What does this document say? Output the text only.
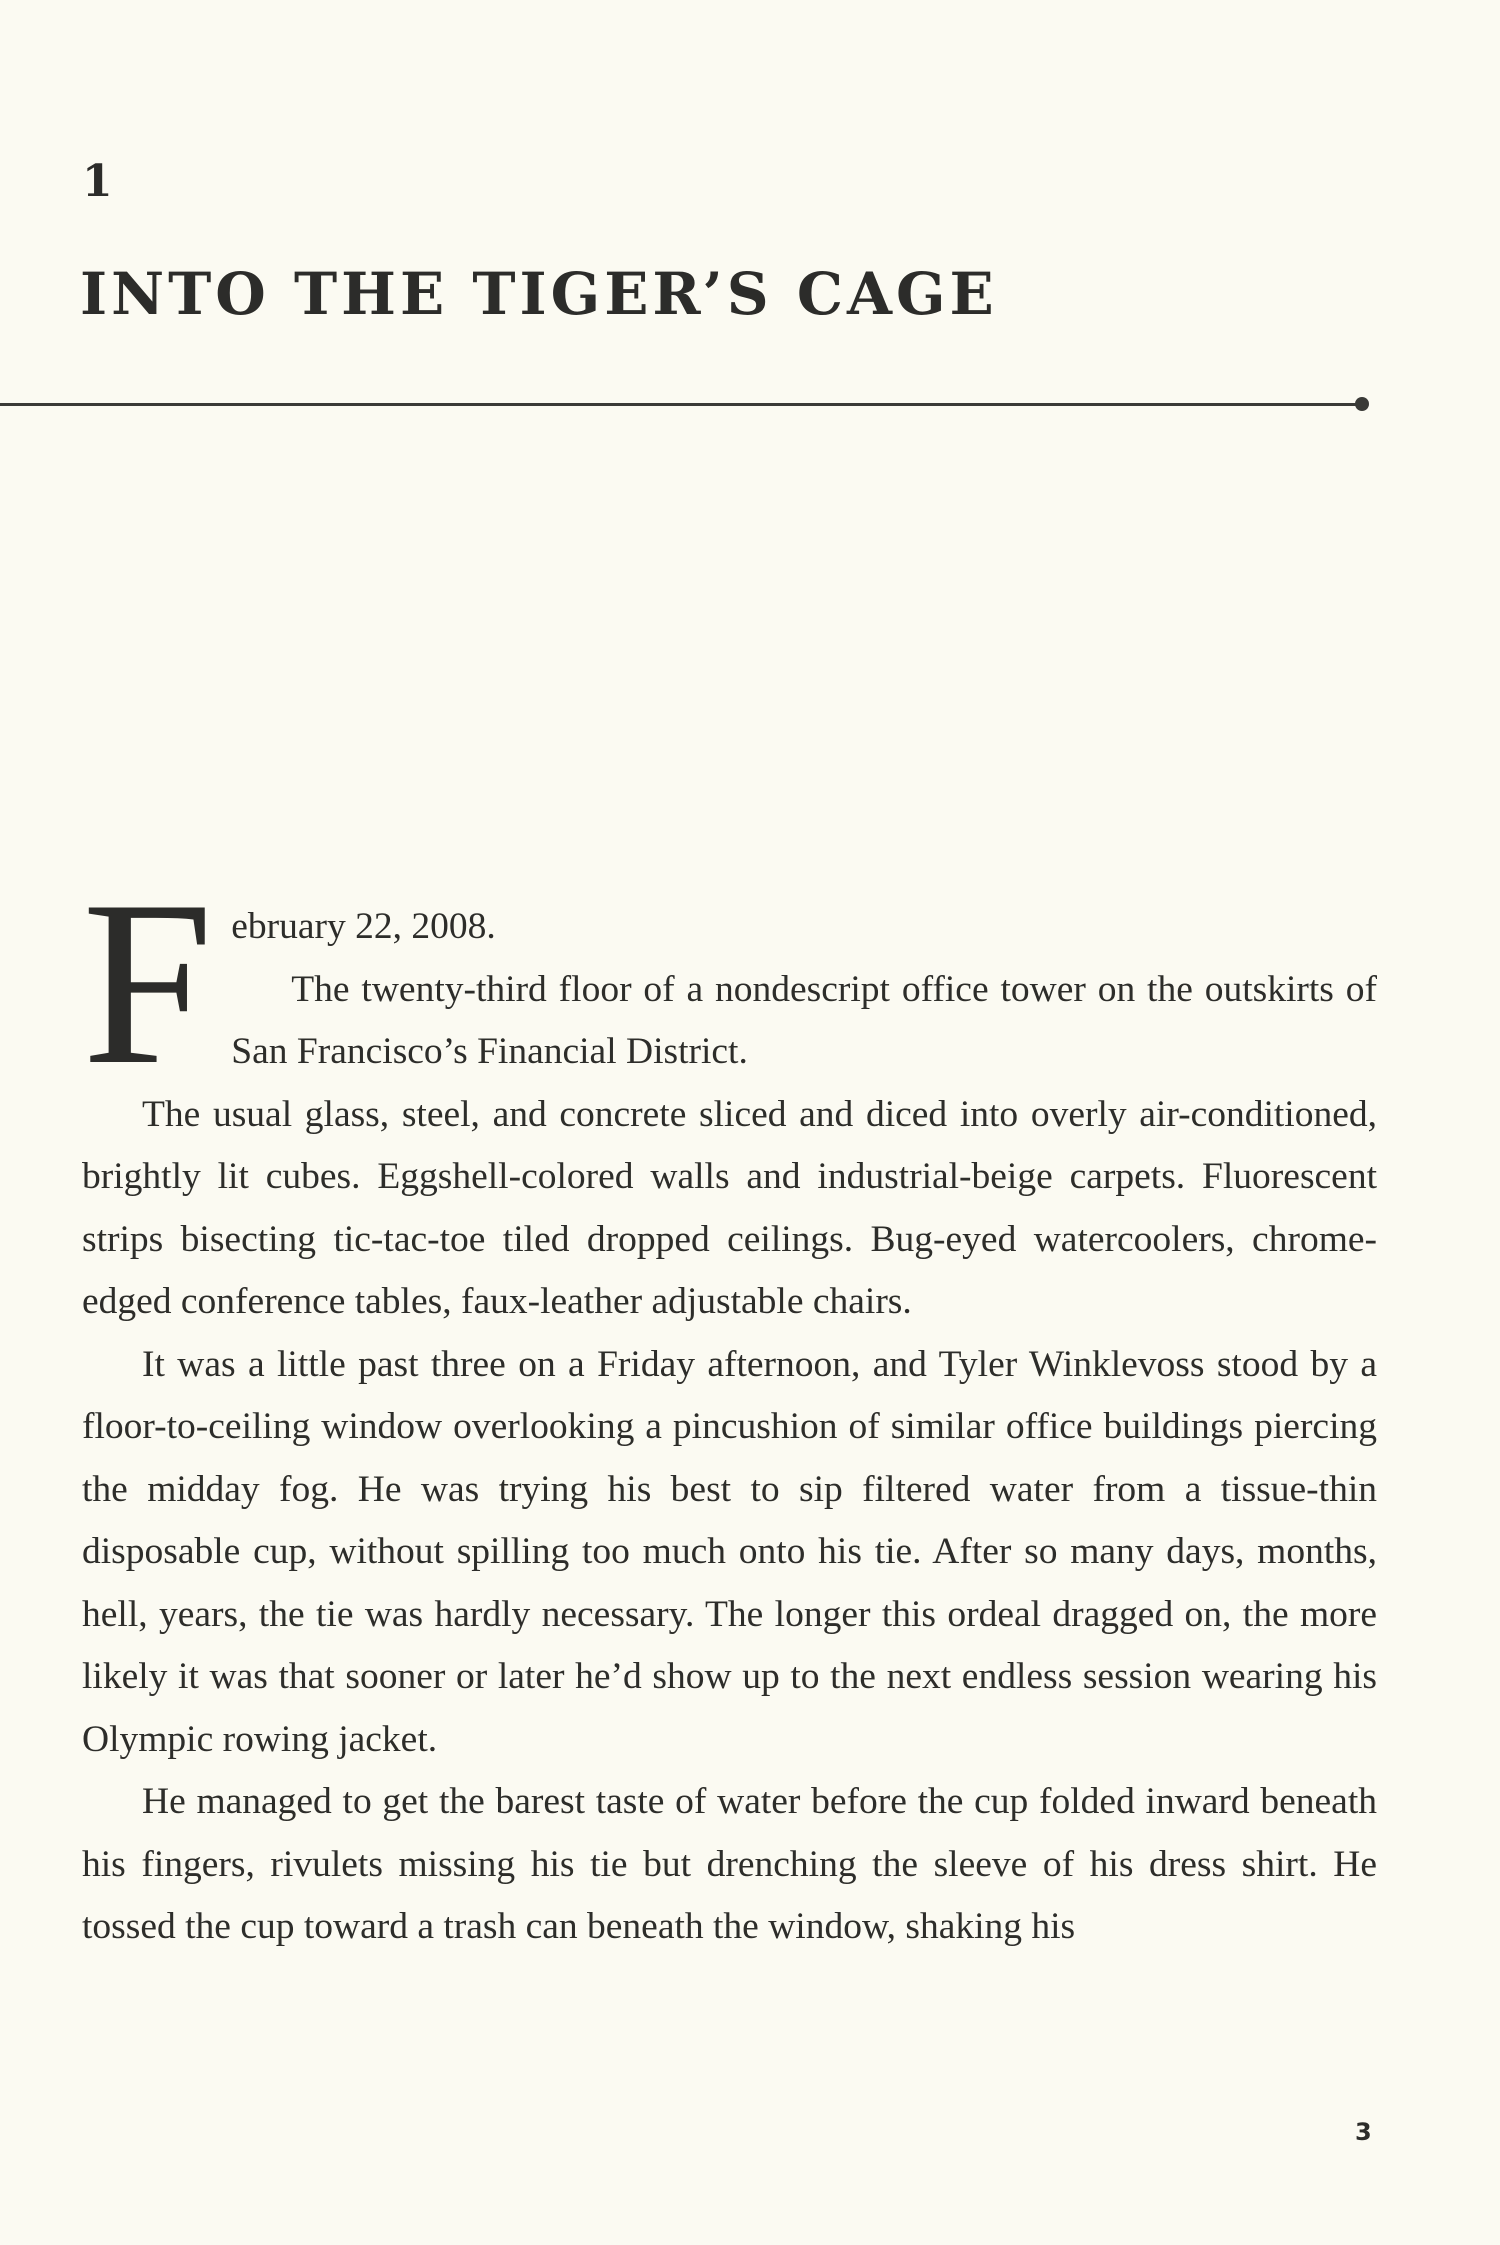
1
INTO THE TIGER’S CAGE

February 22, 2008.

The twenty-third floor of a nondescript office tower on the outskirts of San Francisco’s Financial District.

The usual glass, steel, and concrete sliced and diced into overly air-conditioned, brightly lit cubes. Eggshell-colored walls and industrial-beige carpets. Fluorescent strips bisecting tic-tac-toe tiled dropped ceilings. Bug-eyed watercoolers, chrome-edged conference tables, faux-leather adjustable chairs.

It was a little past three on a Friday afternoon, and Tyler Winklevoss stood by a floor-to-ceiling window overlooking a pincushion of similar office buildings piercing the midday fog. He was trying his best to sip filtered water from a tissue-thin disposable cup, without spilling too much onto his tie. After so many days, months, hell, years, the tie was hardly necessary. The longer this ordeal dragged on, the more likely it was that sooner or later he’d show up to the next endless session wearing his Olympic rowing jacket.

He managed to get the barest taste of water before the cup folded inward beneath his fingers, rivulets missing his tie but drenching the sleeve of his dress shirt. He tossed the cup toward a trash can beneath the window, shaking his

3
